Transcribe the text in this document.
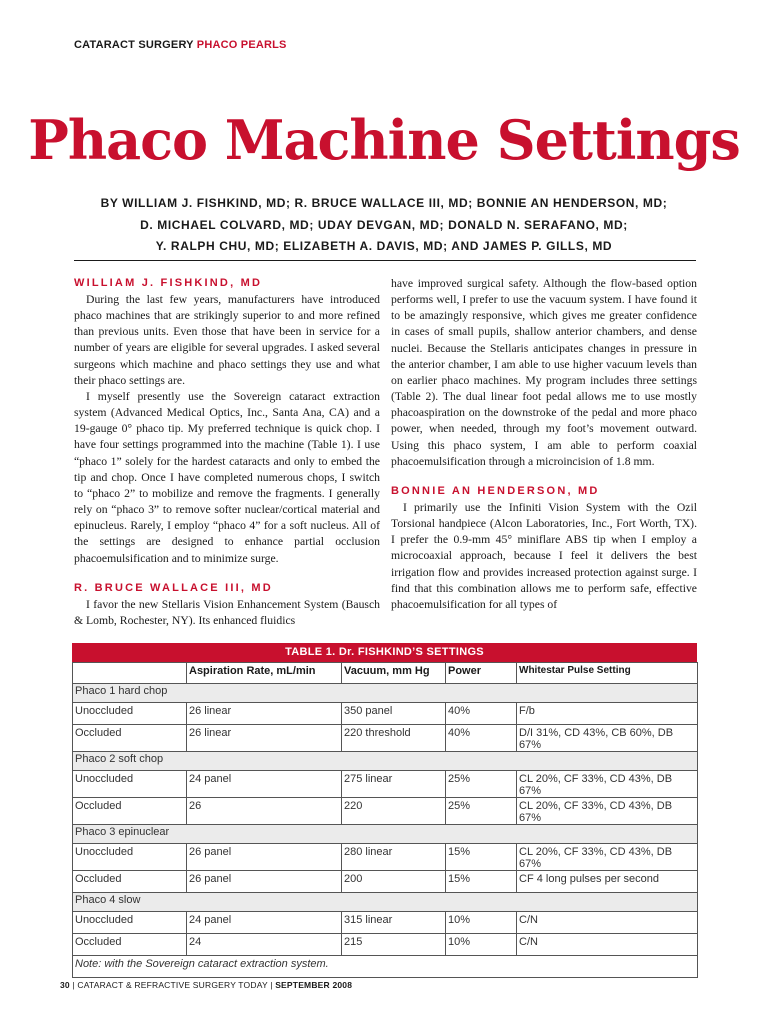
CATARACT SURGERY PHACO PEARLS
Phaco Machine Settings
BY WILLIAM J. FISHKIND, MD; R. BRUCE WALLACE III, MD; BONNIE AN HENDERSON, MD;
D. MICHAEL COLVARD, MD; UDAY DEVGAN, MD; DONALD N. SERAFANO, MD;
Y. RALPH CHU, MD; ELIZABETH A. DAVIS, MD; AND JAMES P. GILLS, MD
WILLIAM J. FISHKIND, MD

During the last few years, manufacturers have introduced phaco machines that are strikingly superior to and more refined than previous units. Even those that have been in service for a number of years are eligible for several upgrades. I asked several surgeons which machine and phaco settings they use and what their phaco settings are.

I myself presently use the Sovereign cataract extraction system (Advanced Medical Optics, Inc., Santa Ana, CA) and a 19-gauge 0° phaco tip. My preferred technique is quick chop. I have four settings programmed into the machine (Table 1). I use “phaco 1” solely for the hardest cataracts and only to embed the tip and chop. Once I have completed numerous chops, I switch to “phaco 2” to mobilize and remove the fragments. I generally rely on “phaco 3” to remove softer nuclear/cortical material and epinucleus. Rarely, I employ “phaco 4” for a soft nucleus. All of the settings are designed to enhance partial occlusion phacoemulsification and to minimize surge.

R. BRUCE WALLACE III, MD

I favor the new Stellaris Vision Enhancement System (Bausch & Lomb, Rochester, NY). Its enhanced fluidics

have improved surgical safety. Although the flow-based option performs well, I prefer to use the vacuum system. I have found it to be amazingly responsive, which gives me greater confidence in cases of small pupils, shallow anterior chambers, and dense nuclei. Because the Stellaris anticipates changes in pressure in the anterior chamber, I am able to use higher vacuum levels than on earlier phaco machines. My program includes three settings (Table 2). The dual linear foot pedal allows me to use mostly phacoaspiration on the downstroke of the pedal and more phaco power, when needed, through my foot’s movement outward. Using this phaco system, I am able to perform coaxial phacoemulsification through a microincision of 1.8 mm.

BONNIE AN HENDERSON, MD

I primarily use the Infiniti Vision System with the Ozil Torsional handpiece (Alcon Laboratories, Inc., Fort Worth, TX). I prefer the 0.9-mm 45° miniflare ABS tip when I employ a microcoaxial approach, because I feel it delivers the best irrigation flow and provides increased protection against surge. I find that this combination allows me to perform safe, effective phacoemulsification for all types of

TABLE 1. Dr. FISHKIND’S SETTINGS
	Aspiration Rate, mL/min	Vacuum, mm Hg	Power	Whitestar Pulse Setting
Phaco 1 hard chop				
Unoccluded	26 linear	350 panel	40%	F/b
Occluded	26 linear	220 threshold	40%	D/I 31%, CD 43%, CB 60%, DB 67%
Phaco 2 soft chop				
Unoccluded	24 panel	275 linear	25%	CL 20%, CF 33%, CD 43%, DB 67%
Occluded	26	220	25%	CL 20%, CF 33%, CD 43%, DB 67%
Phaco 3 epinuclear				
Unoccluded	26 panel	280 linear	15%	CL 20%, CF 33%, CD 43%, DB 67%
Occluded	26 panel	200	15%	CF 4 long pulses per second
Phaco 4 slow				
Unoccluded	24 panel	315 linear	10%	C/N
Occluded	24	215	10%	C/N
Note: with the Sovereign cataract extraction system.				
30 | CATARACT & REFRACTIVE SURGERY TODAY | SEPTEMBER 2008
